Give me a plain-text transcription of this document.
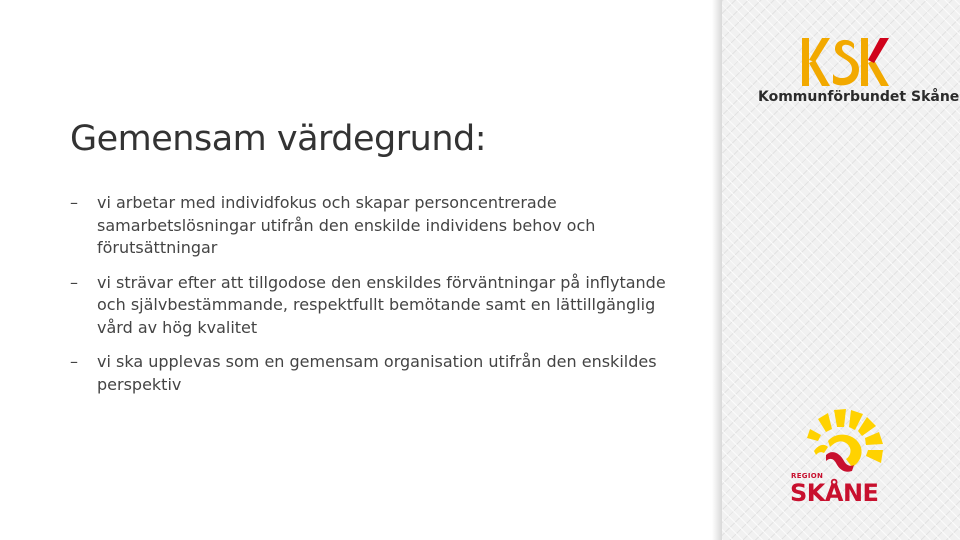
Gemensam värdegrund:
– vi arbetar med individfokus och skapar personcentrerade samarbetslösningar utifrån den enskilde individens behov och förutsättningar
– vi strävar efter att tillgodose den enskildes förväntningar på inflytande och självbestämmande, respektfullt bemötande samt en lättillgänglig vård av hög kvalitet
– vi ska upplevas som en gemensam organisation utifrån den enskildes perspektiv
Kommunförbundet Skåne
REGION
SKÅNE
